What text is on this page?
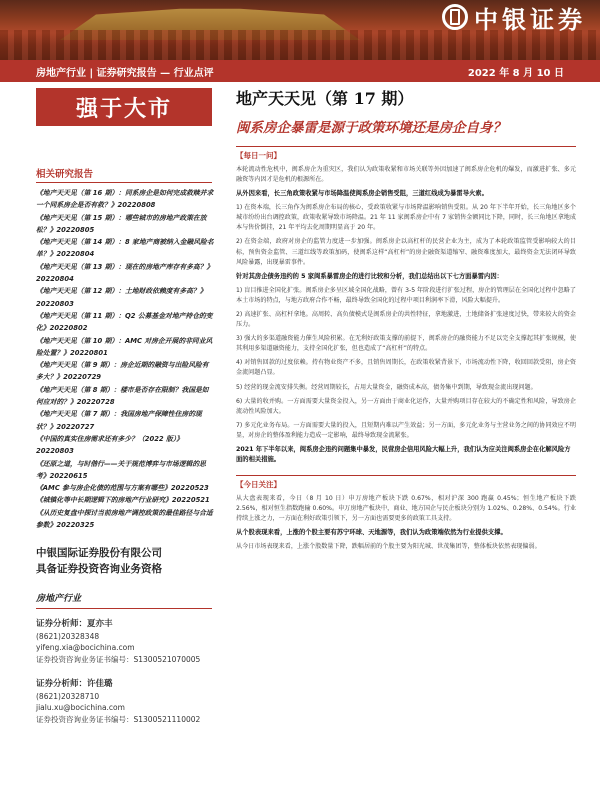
中银证券
房地产行业 | 证券研究报告 — 行业点评	2022 年 8 月 10 日
强于大市
相关研究报告
《地产天天见（第 16 期）：同系房企是如何完成救赎并求一个同系房企是否有救？》20220808
《地产天天见（第 15 期）：哪些城市的房地产政策在放松？》20220805
《地产天天见（第 14 期）：8 家地产商被纳入金融风险名单？》20220804
《地产天天见（第 13 期）：现在的房地产库存有多高？》20220804
《地产天天见（第 12 期）：土地财政依赖度有多高？》20220803
《地产天天见（第 11 期）：Q2 公募基金对地产持仓的变化》20220802
《地产天天见（第 10 期）：AMC 对房企开展的非同业风险处置？》20220801
《地产天天见（第 9 期）：房企近期的融资与出险风险有多大？》20220729
《地产天天见（第 8 期）：楼市是否存在限制？我国是如何应对的？》20220728
《地产天天见（第 7 期）：我国房地产保障性住房的现状？》20220727
《中国的真实住房需求还有多少？（2022 版）》20220803
《还原之道，与时偕行——关于规范博弈与市场逻辑的思考》20220615
《AMC 参与房企化债的范围与方案有哪些》20220523
《城镇化等中长期逻辑下的房地产行业研究》20220521
《从历史复盘中探讨当前房地产调控政策的最佳路径与合适参数》20220325
中银国际证券股份有限公司
具备证券投资咨询业务资格
房地产行业
证券分析师：夏亦丰
(8621)20328348
yifeng.xia@bocichina.com
证券投资咨询业务证书编号：S1300521070005
证券分析师：许佳璐
(8621)20328710
jialu.xu@bocichina.com
证券投资咨询业务证书编号：S1300521110002
地产天天见（第 17 期）
闽系房企暴雷是源于政策环境还是房企自身？
【每日一问】

本轮流动性危机中，闽系房企为重灾区，我们认为政策收紧和市场关联等外因加速了闽系房企危机的爆发，而激进扩张、多元融资等内因才是危机的根源所在。

从外因来看，长三角政策收紧与市场降温使闽系房企销售受阻，三道红线成为暴雷导火索。

1) 在资本端，长三角作为闽系房企布局的核心，受政策收紧与市场降温影响销售受阻。从 20 年下半年开始，长三角地区多个城市纷纷出台调控政策，政策收紧导致市场降温。21 年 11 家闽系房企中有 7 家销售金额同比下降，同时，长三角地区拿地成本与售价倒挂，21 年平均去化周期明显高于 20 年。

2) 在资金端，政府对房企的监管力度进一步加强。闽系房企以高杠杆的民营企业为主，成为了本轮政策监管受影响较大的目标，预售资金监管、三道红线等政策加码，使闽系这样“高杠杆”的房企融资渠道缩窄、融资难度加大，最终资金无法闭环导致风险暴露，出现暴雷事件。

针对其房企债务违约的 5 家闽系暴雷房企的进行比较和分析，我们总结出以下七方面暴雷内因：

1) 盲目推进全国化扩张。闽系房企多呈区域全国化战略，曾有 3-5 年阶段进行扩张过程，房企的管理层在全国化过程中忽略了本土市场的特点，与地方政府合作不畅，最终导致全国化的过程中项目利润率下滑，风险大幅提升。

2) 高速扩张、高杠杆拿地。高周转、高负债模式是闽系房企的共性特征，拿地激进，土地储备扩张速度过快，带来较大的资金压力。

3) 强大的多渠道融资能力催生风险积累。在无利好政策支撑的前提下，闽系房企的融资能力不足以完全支撑起其扩张规模，使其利用多渠道融资能力，支持全国化扩张，但也造成了“高杠杆”的特点。

4) 对销售回款的过度依赖。持有物业资产不多，且销售周期长，在政策收紧背景下，市场流动性下降，收回回款受阻，房企资金流问题凸显。

5) 经营的现金流安排失衡。经营周期较长，占用大量资金，融资成本高，债务集中到期，导致现金流出现问题。

6) 大量的收并购。一方面需要大量资金投入，另一方面由于商业化运作，大量并购项目存在较大的不确定性和风险，导致房企流动性风险加大。

7) 多元化业务布局。一方面需要大量的投入，且短期内难以产生效益；另一方面，多元化业务与主营业务之间的协同效应不明显，对房企的整体盈利能力造成一定影响，最终导致现金流紧张。

2021 年下半年以来，闽系房企违约问题集中暴发，民营房企信用风险大幅上升，我们认为应关注闽系房企在化解风险方面的相关措施。

【今日关注】

从大盘表现来看，今日（8 月 10 日）申万房地产板块下跌 0.67%，相对沪深 300 跑赢 0.45%；恒生地产板块下跌 2.56%，相对恒生指数跑输 0.60%。申万房地产板块中，商业、地方国企与民企板块分别为 1.02%、0.28%、0.54%。行业持续上涨之力，一方面在利好政策引领下，另一方面也需要更多的政策工具支持。

从个股表现来看，上涨的个股主要有苏宁环球、天地源等，我们认为政策端依然为行业提供支撑。

从今日市场表现来看，上涨个股数量下降，跌幅居前的个股主要为阳光城、世茂集团等，整体板块依然表现偏弱。
